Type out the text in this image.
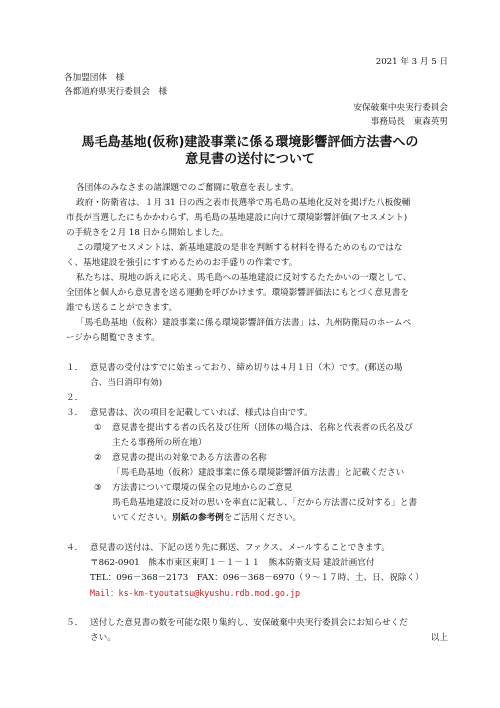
2021 年 3 月 5 日
各加盟団体　様
各都道府県実行委員会　様
安保破棄中央実行委員会
事務局長　東森英男
馬毛島基地(仮称)建設事業に係る環境影響評価方法書への
意見書の送付について
各団体のみなさまの諸課題でのご奮闘に敬意を表します。
政府・防衛省は、１月 31 日の西之表市長選挙で馬毛島の基地化反対を掲げた八板俊輔
市長が当選したにもかかわらず、馬毛島の基地建設に向けて環境影響評価(アセスメント)
の手続きを２月 18 日から開始しました。
この環境アセスメントは、新基地建設の是非を判断する材料を得るためのものではな
く、基地建設を強引にすすめるためのお手盛りの作業です。
私たちは、現地の訴えに応え、馬毛島への基地建設に反対するたたかいの一環として、
全団体と個人から意見書を送る運動を呼びかけます。環境影響評価法にもとづく意見書を
誰でも送ることができます。
「馬毛島基地（仮称）建設事業に係る環境影響評価方法書」は、九州防衛局のホームペ
ージから閲覧できます。
１． 意見書の受付はすでに始まっており、締め切りは４月１日（木）です。(郵送の場
合、当日消印有効)
２．
３． 意見書は、次の項目を記載していれば、様式は自由です。
① 意見書を提出する者の氏名及び住所（団体の場合は、名称と代表者の氏名及び
主たる事務所の所在地）
② 意見書の提出の対象である方法書の名称
「馬毛島基地（仮称）建設事業に係る環境影響評価方法書」と記載ください
③ 方法書について環境の保全の見地からのご意見
馬毛島基地建設に反対の思いを率直に記載し、「だから方法書に反対する」と書
いてください。別紙の参考例をご活用ください。
４． 意見書の送付は、下記の送り先に郵送、ファクス、メールすることできます。
〒862-0901　熊本市東区東町１－１－１１　熊本防衛支局 建設計画官付
TEL：096－368－2173　FAX：096－368－6970（９～１７時、土、日、祝除く）
Mail：ks-km-tyoutatsu@kyushu.rdb.mod.go.jp
５． 送付した意見書の数を可能な限り集約し、安保破棄中央実行委員会にお知らせくだ
さい。	以上
